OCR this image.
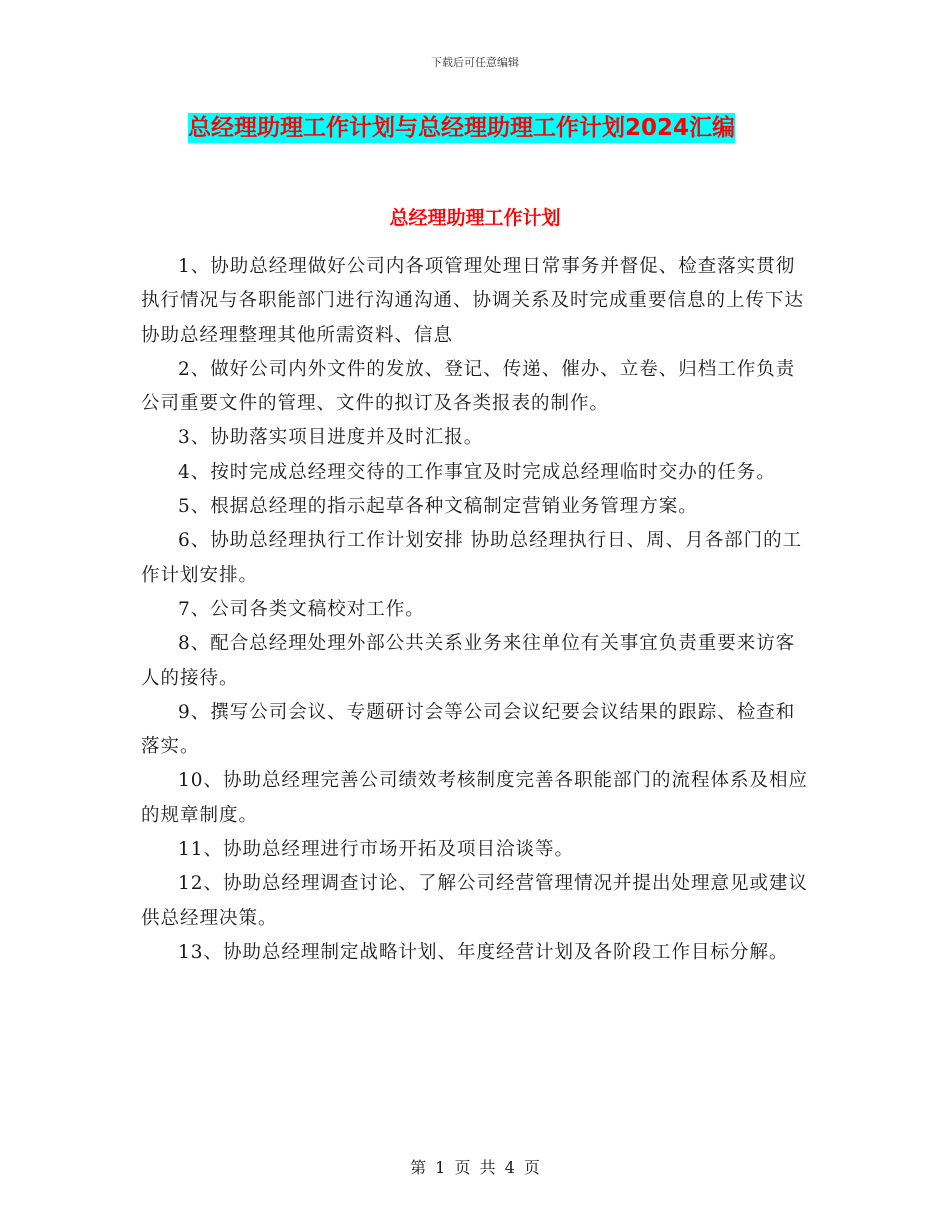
下载后可任意编辑
总经理助理工作计划与总经理助理工作计划2024汇编
总经理助理工作计划

1、协助总经理做好公司内各项管理处理日常事务并督促、检查落实贯彻执行情况与各职能部门进行沟通沟通、协调关系及时完成重要信息的上传下达协助总经理整理其他所需资料、信息

2、做好公司内外文件的发放、登记、传递、催办、立卷、归档工作负责公司重要文件的管理、文件的拟订及各类报表的制作。

3、协助落实项目进度并及时汇报。

4、按时完成总经理交待的工作事宜及时完成总经理临时交办的任务。

5、根据总经理的指示起草各种文稿制定营销业务管理方案。

6、协助总经理执行工作计划安排 协助总经理执行日、周、月各部门的工作计划安排。

7、公司各类文稿校对工作。

8、配合总经理处理外部公共关系业务来往单位有关事宜负责重要来访客人的接待。

9、撰写公司会议、专题研讨会等公司会议纪要会议结果的跟踪、检查和落实。

10、协助总经理完善公司绩效考核制度完善各职能部门的流程体系及相应的规章制度。

11、协助总经理进行市场开拓及项目洽谈等。

12、协助总经理调查讨论、了解公司经营管理情况并提出处理意见或建议供总经理决策。

13、协助总经理制定战略计划、年度经营计划及各阶段工作目标分解。

第 1 页 共 4 页
